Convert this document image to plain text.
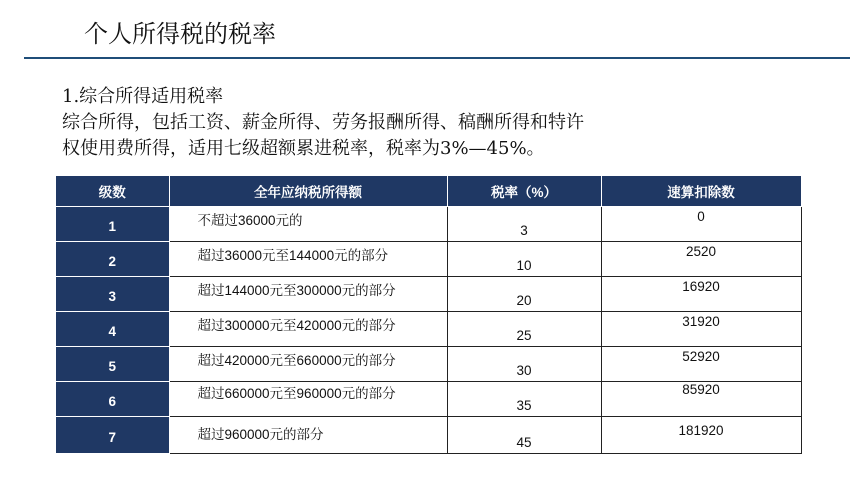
个人所得税的税率
1.综合所得适用税率
综合所得，包括工资、薪金所得、劳务报酬所得、稿酬所得和特许
权使用费所得，适用七级超额累进税率，税率为3%—45%。
级数	全年应纳税所得额	税率（%）	速算扣除数
1	不超过36000元的	3	0
2	超过36000元至144000元的部分	10	2520
3	超过144000元至300000元的部分	20	16920
4	超过300000元至420000元的部分	25	31920
5	超过420000元至660000元的部分	30	52920
6	超过660000元至960000元的部分	35	85920
7	超过960000元的部分	45	181920
